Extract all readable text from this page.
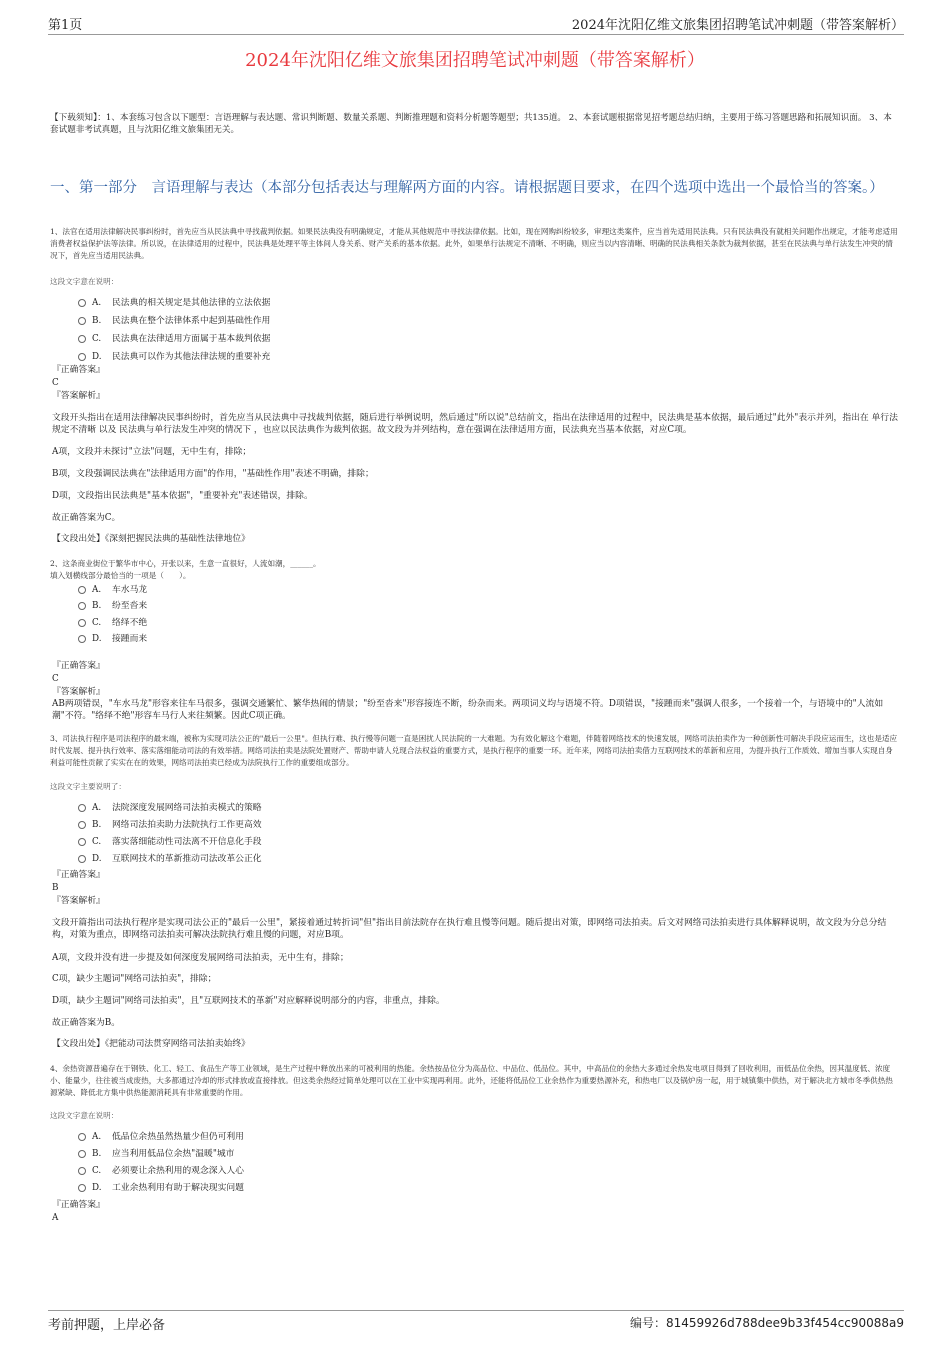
第1页	2024年沈阳亿维文旅集团招聘笔试冲刺题（带答案解析）
2024年沈阳亿维文旅集团招聘笔试冲刺题（带答案解析）
【下载须知】：1、本套练习包含以下题型：言语理解与表达题、常识判断题、数量关系题、判断推理题和资料分析题等题型；共135道。 2、本套试题根据常见招考题总结归纳，主要用于练习答题思路和拓展知识面。 3、本套试题非考试真题，且与沈阳亿维文旅集团无关。
一、第一部分　言语理解与表达（本部分包括表达与理解两方面的内容。请根据题目要求，在四个选项中选出一个最恰当的答案。）
1、法官在适用法律解决民事纠纷时，首先应当从民法典中寻找裁判依据。如果民法典没有明确规定，才能从其他规范中寻找法律依据。比如，现在网购纠纷较多，审理这类案件，应当首先适用民法典。只有民法典没有就相关问题作出规定，才能考虑适用消费者权益保护法等法律。所以说，在法律适用的过程中，民法典是处理平等主体间人身关系、财产关系的基本依据。此外，如果单行法规定不清晰、不明确，则应当以内容清晰、明确的民法典相关条款为裁判依据，甚至在民法典与单行法发生冲突的情况下，首先应当适用民法典。
这段文字意在说明：
A. 民法典的相关规定是其他法律的立法依据
B. 民法典在整个法律体系中起到基础性作用
C. 民法典在法律适用方面属于基本裁判依据
D. 民法典可以作为其他法律法规的重要补充
『正确答案』
C
『答案解析』
文段开头指出在适用法律解决民事纠纷时，首先应当从民法典中寻找裁判依据，随后进行举例说明，然后通过"所以说"总结前文，指出在法律适用的过程中，民法典是基本依据，最后通过"此外"表示并列，指出在 单行法规定不清晰 以及 民法典与单行法发生冲突的情况下 ，也应以民法典作为裁判依据。故文段为并列结构，意在强调在法律适用方面，民法典充当基本依据，对应C项。
A项，文段并未探讨"立法"问题，无中生有，排除；
B项，文段强调民法典在"法律适用方面"的作用，"基础性作用"表述不明确，排除；
D项，文段指出民法典是"基本依据"，"重要补充"表述错误，排除。
故正确答案为C。
【文段出处】《深刻把握民法典的基础性法律地位》
2、这条商业街位于繁华市中心，开张以来，生意一直很好，人流如潮，______。
填入划横线部分最恰当的一项是（　　）。
A. 车水马龙
B. 纷至沓来
C. 络绎不绝
D. 接踵而来
『正确答案』
C
『答案解析』
AB两项错误，"车水马龙"形容来往车马很多，强调交通繁忙、繁华热闹的情景；"纷至沓来"形容接连不断，纷杂而来。两项词义均与语境不符。D项错误，"接踵而来"强调人很多，一个接着一个，与语境中的"人流如潮"不符。"络绎不绝"形容车马行人来往频繁。因此C项正确。
3、司法执行程序是司法程序的最末端，被称为实现司法公正的"最后一公里"。但执行难、执行慢等问题一直是困扰人民法院的一大难题。为有效化解这个难题，伴随着网络技术的快速发展，网络司法拍卖作为一种创新性可解决手段应运而生，这也是适应时代发展、提升执行效率、落实落细能动司法的有效举措。网络司法拍卖是法院处置财产、帮助申请人兑现合法权益的重要方式，是执行程序的重要一环。近年来，网络司法拍卖借力互联网技术的革新和应用，为提升执行工作质效、增加当事人实现自身利益可能性贡献了实实在在的效果，网络司法拍卖已经成为法院执行工作的重要组成部分。
这段文字主要说明了：
A. 法院深度发展网络司法拍卖模式的策略
B. 网络司法拍卖助力法院执行工作更高效
C. 落实落细能动性司法离不开信息化手段
D. 互联网技术的革新推动司法改革公正化
『正确答案』
B
『答案解析』
文段开篇指出司法执行程序是实现司法公正的"最后一公里"，紧接着通过转折词"但"指出目前法院存在执行难且慢等问题。随后提出对策，即网络司法拍卖。后文对网络司法拍卖进行具体解释说明，故文段为分总分结构，对策为重点，即网络司法拍卖可解决法院执行难且慢的问题，对应B项。
A项，文段并没有进一步提及如何深度发展网络司法拍卖，无中生有，排除；
C项，缺少主题词"网络司法拍卖"，排除；
D项，缺少主题词"网络司法拍卖"，且"互联网技术的革新"对应解释说明部分的内容，非重点，排除。
故正确答案为B。
【文段出处】《把能动司法贯穿网络司法拍卖始终》
4、余热资源普遍存在于钢铁、化工、轻工、食品生产等工业领域，是生产过程中释放出来的可被利用的热能。余热按品位分为高品位、中品位、低品位。其中，中高品位的余热大多通过余热发电项目得到了回收利用，而低品位余热，因其温度低、浓度小、能量少，往往被当成废热，大多都通过冷却的形式排放或直接排放。但这类余热经过简单处理可以在工业中实现再利用。此外，还能将低品位工业余热作为重要热源补充，和热电厂以及锅炉房一起，用于城镇集中供热，对于解决北方城市冬季供热热源紧缺、降低北方集中供热能源消耗具有非常重要的作用。
这段文字意在说明：
A. 低品位余热虽然热量少但仍可利用
B. 应当利用低品位余热"温暖"城市
C. 必须要让余热利用的观念深入人心
D. 工业余热利用有助于解决现实问题
『正确答案』
A
考前押题，上岸必备	编号：81459926d788dee9b33f454cc90088a9
